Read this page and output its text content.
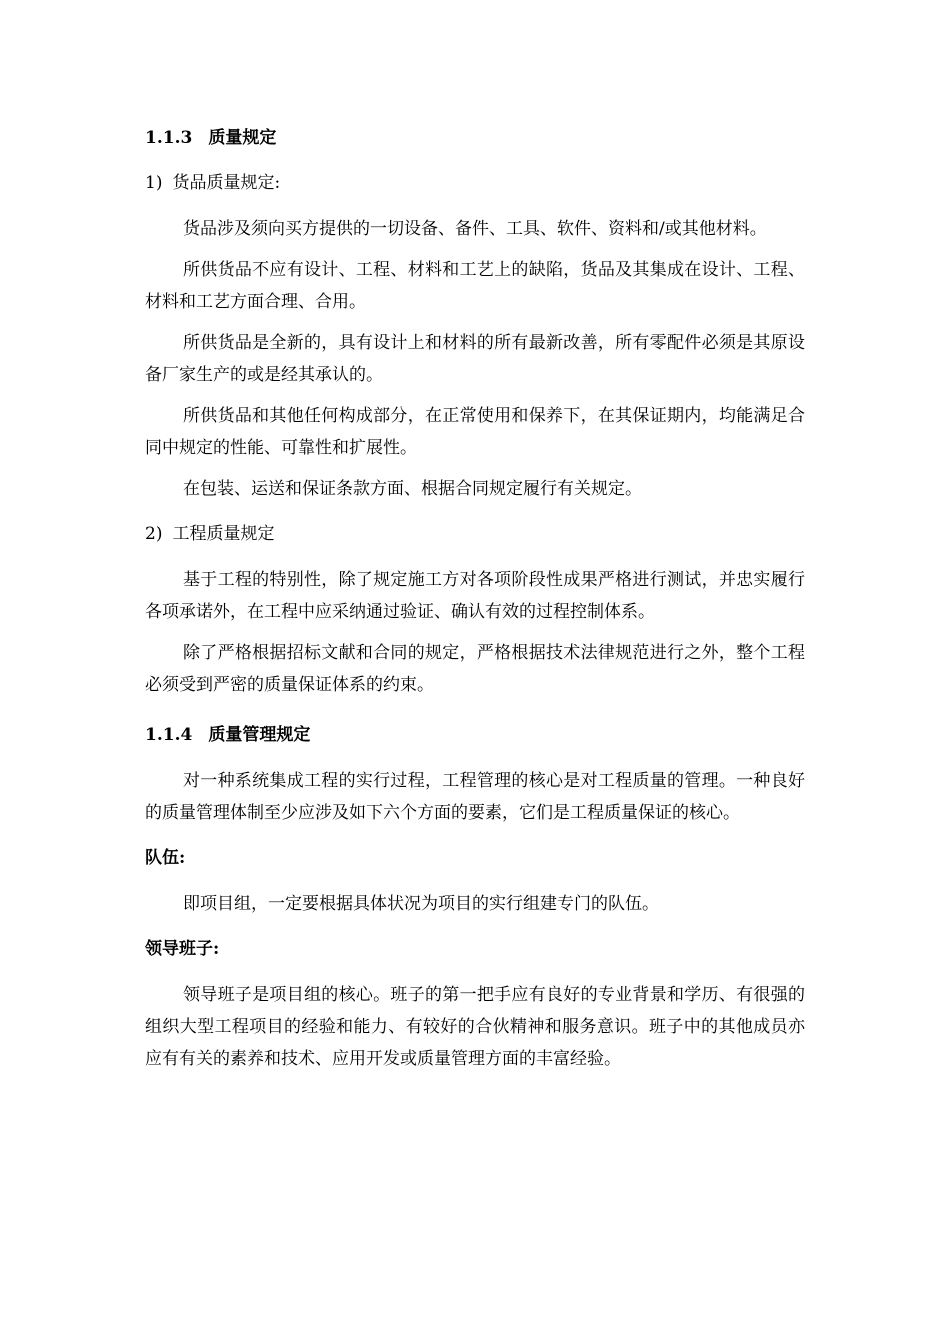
1.1.3 质量规定
1) 货品质量规定:

货品涉及须向买方提供的一切设备、备件、工具、软件、资料和/或其他材料。

所供货品不应有设计、工程、材料和工艺上的缺陷，货品及其集成在设计、工程、材料和工艺方面合理、合用。

所供货品是全新的，具有设计上和材料的所有最新改善，所有零配件必须是其原设备厂家生产的或是经其承认的。

所供货品和其他任何构成部分，在正常使用和保养下，在其保证期内，均能满足合同中规定的性能、可靠性和扩展性。

在包装、运送和保证条款方面、根据合同规定履行有关规定。

2) 工程质量规定

基于工程的特别性，除了规定施工方对各项阶段性成果严格进行测试，并忠实履行各项承诺外，在工程中应采纳通过验证、确认有效的过程控制体系。

除了严格根据招标文献和合同的规定，严格根据技术法律规范进行之外，整个工程必须受到严密的质量保证体系的约束。

1.1.4 质量管理规定

对一种系统集成工程的实行过程，工程管理的核心是对工程质量的管理。一种良好的质量管理体制至少应涉及如下六个方面的要素，它们是工程质量保证的核心。

队伍:

即项目组，一定要根据具体状况为项目的实行组建专门的队伍。

领导班子:

领导班子是项目组的核心。班子的第一把手应有良好的专业背景和学历、有很强的组织大型工程项目的经验和能力、有较好的合伙精神和服务意识。班子中的其他成员亦应有有关的素养和技术、应用开发或质量管理方面的丰富经验。
